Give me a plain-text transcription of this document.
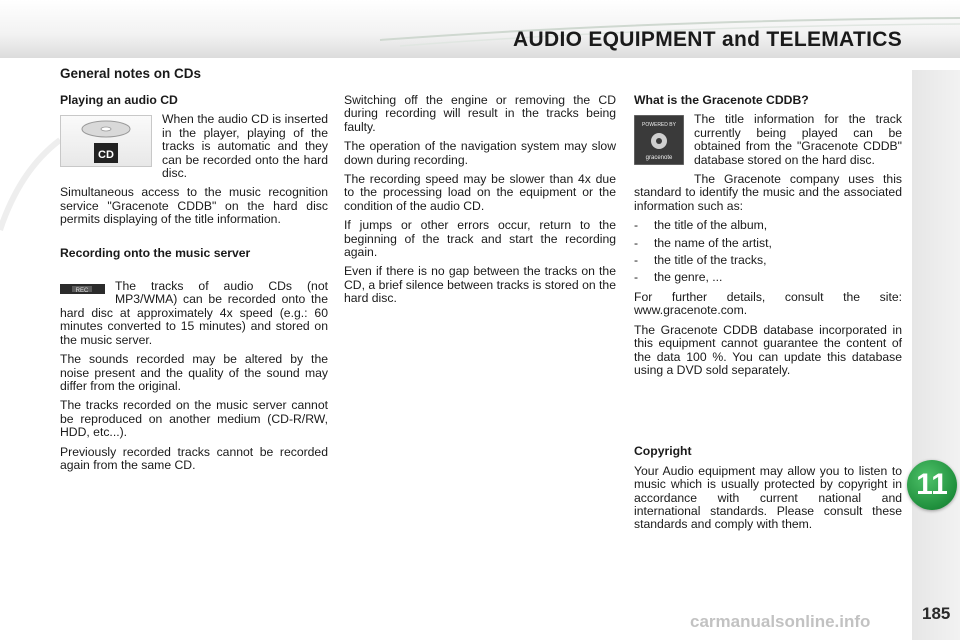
AUDIO EQUIPMENT and TELEMATICS
11
185
General notes on CDs
Playing an audio CD
CD

When the audio CD is inserted in the player, playing of the tracks is automatic and they can be recorded onto the hard disc.

Simultaneous access to the music recognition service "Gracenote CDDB" on the hard disc permits displaying of the title information.

Recording onto the music server
REC	The tracks of audio CDs (not MP3/WMA) can be recorded onto the hard disc at approximately 4x speed (e.g.: 60 minutes converted to 15 minutes) and stored on the music server.

The sounds recorded may be altered by the noise present and the quality of the sound may differ from the original.

The tracks recorded on the music server cannot be reproduced on another medium (CD-R/RW, HDD, etc...).

Previously recorded tracks cannot be recorded again from the same CD.

Switching off the engine or removing the CD during recording will result in the tracks being faulty.

The operation of the navigation system may slow down during recording.

The recording speed may be slower than 4x due to the processing load on the equipment or the condition of the audio CD.

If jumps or other errors occur, return to the beginning of the track and start the recording again.

Even if there is no gap between the tracks on the CD, a brief silence between tracks is stored on the hard disc.

What is the Gracenote CDDB?
POWERED BY
gracenote

The title information for the track currently being played can be obtained from the "Gracenote CDDB" database stored on the hard disc.

The Gracenote company uses this standard to identify the music and the associated information such as:

- the title of the album,
- the name of the artist,
- the title of the tracks,
- the genre, ...

For further details, consult the site: www.gracenote.com.

The Gracenote CDDB database incorporated in this equipment cannot guarantee the content of the data 100 %. You can update this database using a DVD sold separately.

Copyright

Your Audio equipment may allow you to listen to music which is usually protected by copyright in accordance with current national and international standards. Please consult these standards and comply with them.

carmanualsonline.info
